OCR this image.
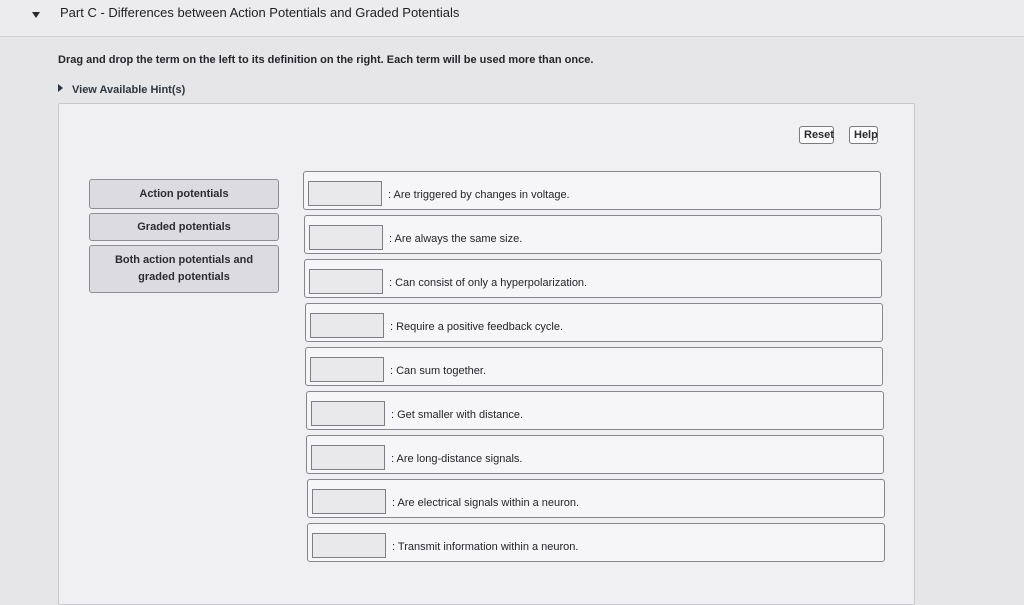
Part C - Differences between Action Potentials and Graded Potentials
Drag and drop the term on the left to its definition on the right. Each term will be used more than once.
View Available Hint(s)
Reset	Help
Action potentials
Graded potentials
Both action potentials and
graded potentials
: Are triggered by changes in voltage.
: Are always the same size.
: Can consist of only a hyperpolarization.
: Require a positive feedback cycle.
: Can sum together.
: Get smaller with distance.
: Are long-distance signals.
: Are electrical signals within a neuron.
: Transmit information within a neuron.
